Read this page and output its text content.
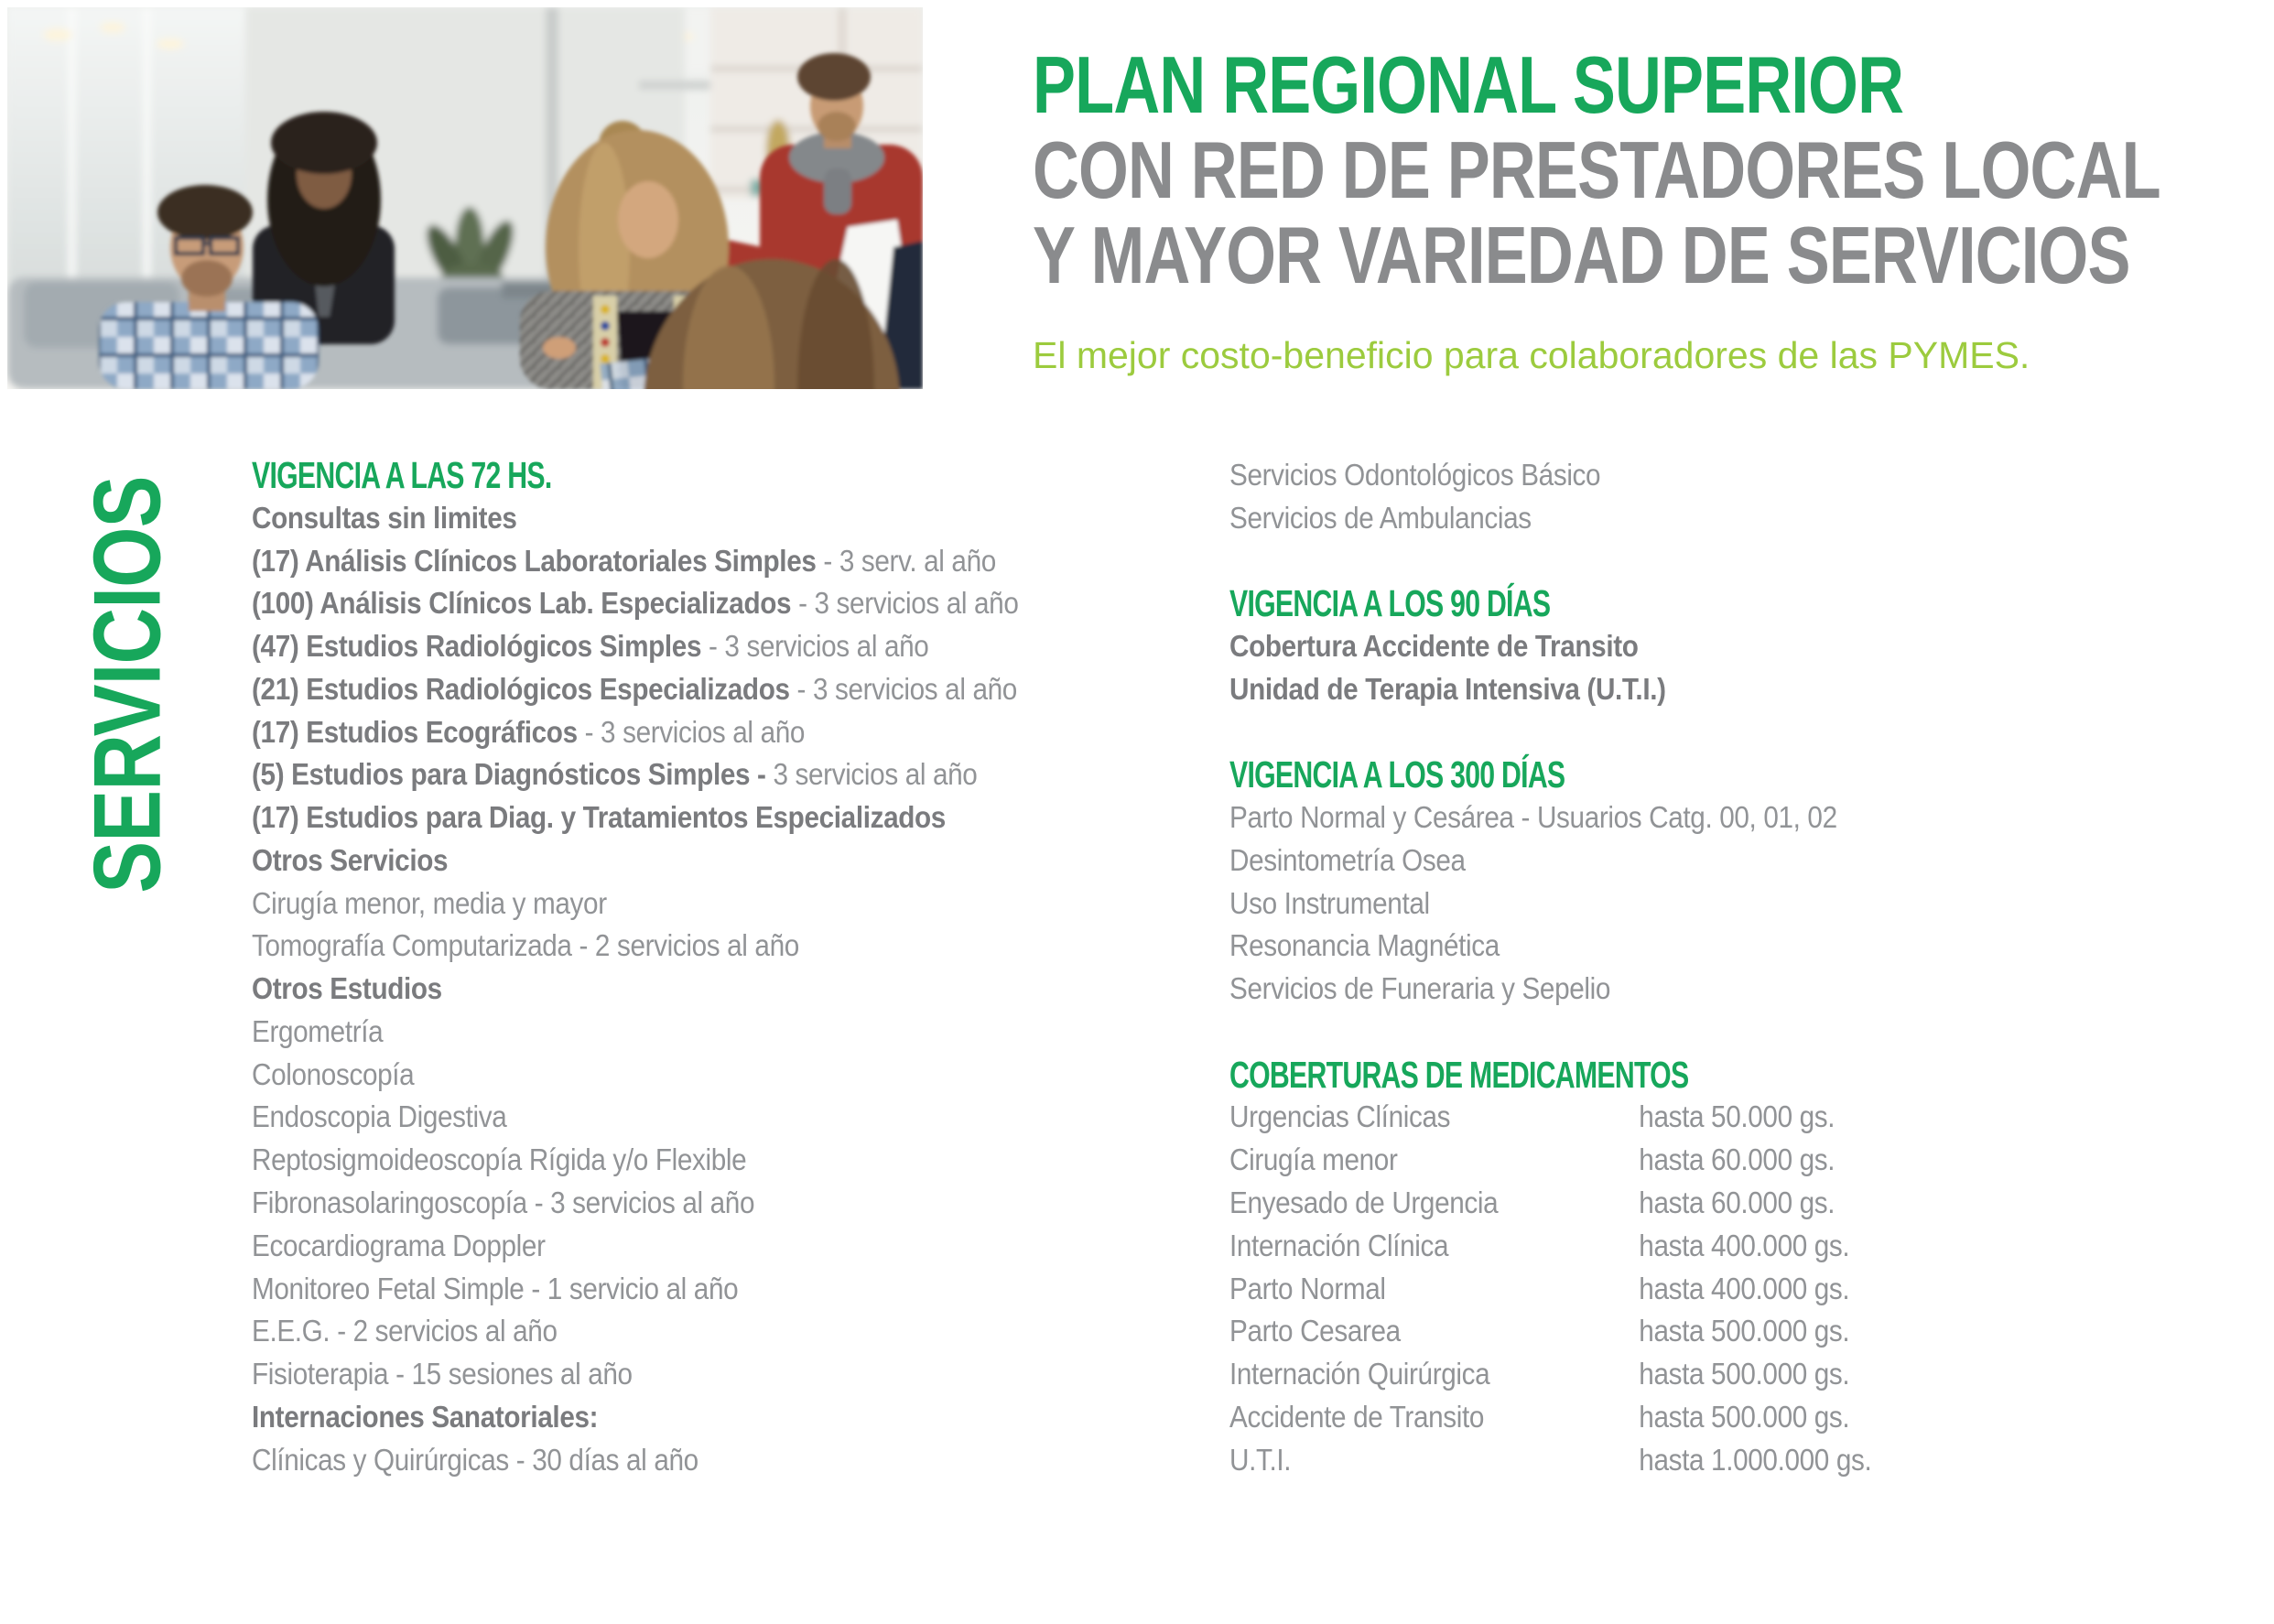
PLAN REGIONAL SUPERIOR
CON RED DE PRESTADORES LOCAL
Y MAYOR VARIEDAD DE SERVICIOS
El mejor costo-beneficio para colaboradores de las PYMES.
SERVICIOS
VIGENCIA A LAS 72 HS.
Consultas sin limites
(17) Análisis Clínicos Laboratoriales Simples - 3 serv. al año
(100) Análisis Clínicos Lab. Especializados - 3 servicios al año
(47) Estudios Radiológicos Simples - 3 servicios al año
(21) Estudios Radiológicos Especializados - 3 servicios al año
(17) Estudios Ecográficos - 3 servicios al año
(5) Estudios para Diagnósticos Simples - 3 servicios al año
(17) Estudios para Diag. y Tratamientos Especializados
Otros Servicios
Cirugía menor, media y mayor
Tomografía Computarizada - 2 servicios al año
Otros Estudios
Ergometría
Colonoscopía
Endoscopia Digestiva
Reptosigmoideoscopía Rígida y/o Flexible
Fibronasolaringoscopía - 3 servicios al año
Ecocardiograma Doppler
Monitoreo Fetal Simple - 1 servicio al año
E.E.G. - 2 servicios al año
Fisioterapia - 15 sesiones al año
Internaciones Sanatoriales:
Clínicas y Quirúrgicas - 30 días al año
Servicios Odontológicos Básico
Servicios de Ambulancias
VIGENCIA A LOS 90 DÍAS
Cobertura Accidente de Transito
Unidad de Terapia Intensiva (U.T.I.)
VIGENCIA A LOS 300 DÍAS
Parto Normal y Cesárea - Usuarios Catg. 00, 01, 02
Desintometría Osea
Uso Instrumental
Resonancia Magnética
Servicios de Funeraria y Sepelio
COBERTURAS DE MEDICAMENTOS
Urgencias Clínicas	hasta 50.000 gs.
Cirugía menor	hasta 60.000 gs.
Enyesado de Urgencia	hasta 60.000 gs.
Internación Clínica	hasta 400.000 gs.
Parto Normal	hasta 400.000 gs.
Parto Cesarea	hasta 500.000 gs.
Internación Quirúrgica	hasta 500.000 gs.
Accidente de Transito	hasta 500.000 gs.
U.T.I.	hasta 1.000.000 gs.
